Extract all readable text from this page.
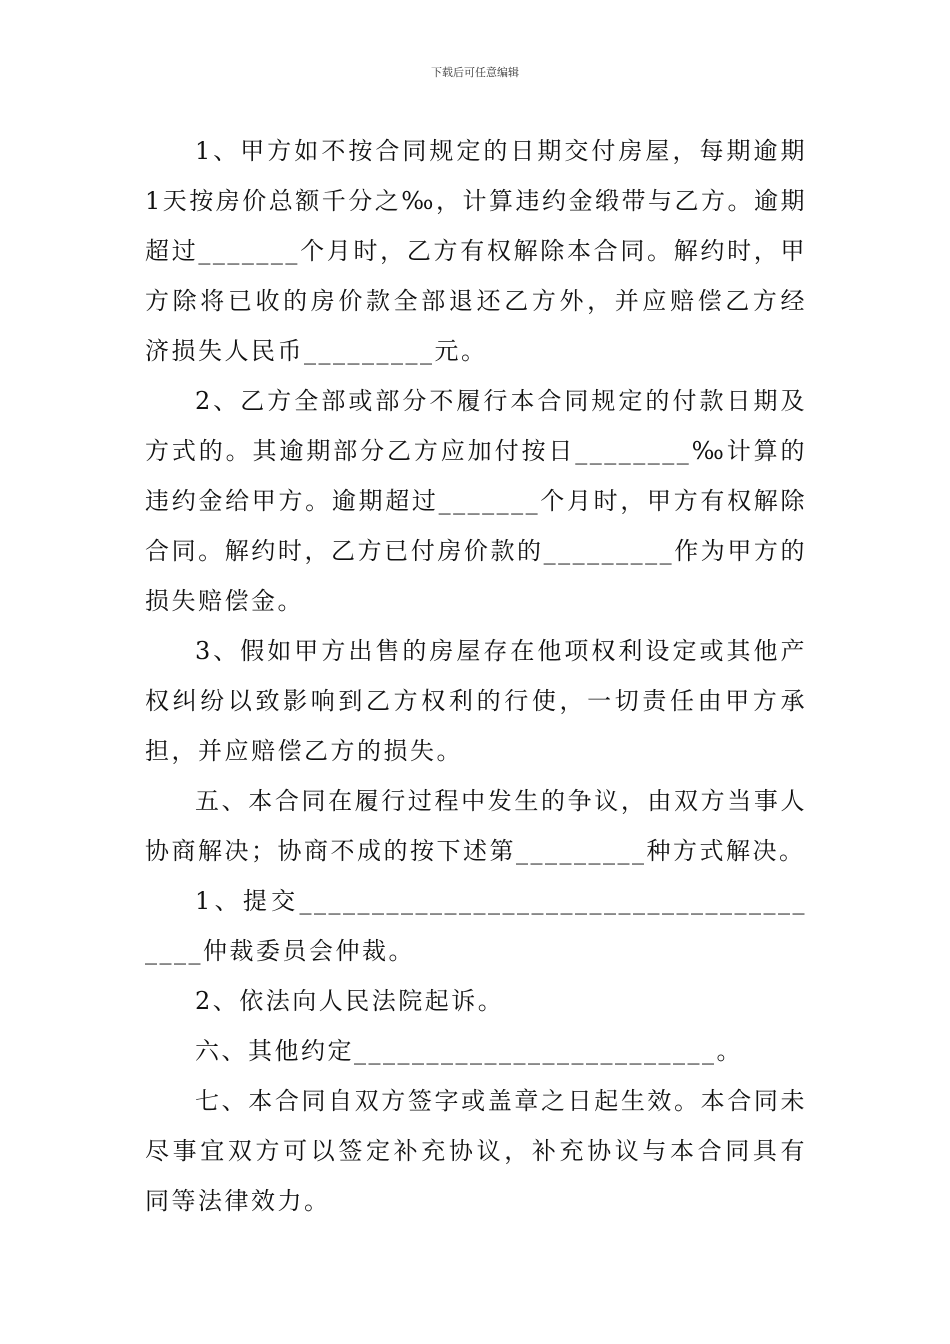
下载后可任意编辑

1、甲方如不按合同规定的日期交付房屋，每期逾期1天按房价总额千分之‰，计算违约金缎带与乙方。逾期超过_______个月时，乙方有权解除本合同。解约时，甲方除将已收的房价款全部退还乙方外，并应赔偿乙方经济损失人民币_________元。

2、乙方全部或部分不履行本合同规定的付款日期及方式的。其逾期部分乙方应加付按日________‰计算的违约金给甲方。逾期超过_______个月时，甲方有权解除合同。解约时，乙方已付房价款的_________作为甲方的损失赔偿金。

3、假如甲方出售的房屋存在他项权利设定或其他产权纠纷以致影响到乙方权利的行使，一切责任由甲方承担，并应赔偿乙方的损失。

五、本合同在履行过程中发生的争议，由双方当事人协商解决；协商不成的按下述第_________种方式解决。

1、提交_______________________________________仲裁委员会仲裁。

2、依法向人民法院起诉。

六、其他约定_________________________。

七、本合同自双方签字或盖章之日起生效。本合同未尽事宜双方可以签定补充协议，补充协议与本合同具有同等法律效力。
